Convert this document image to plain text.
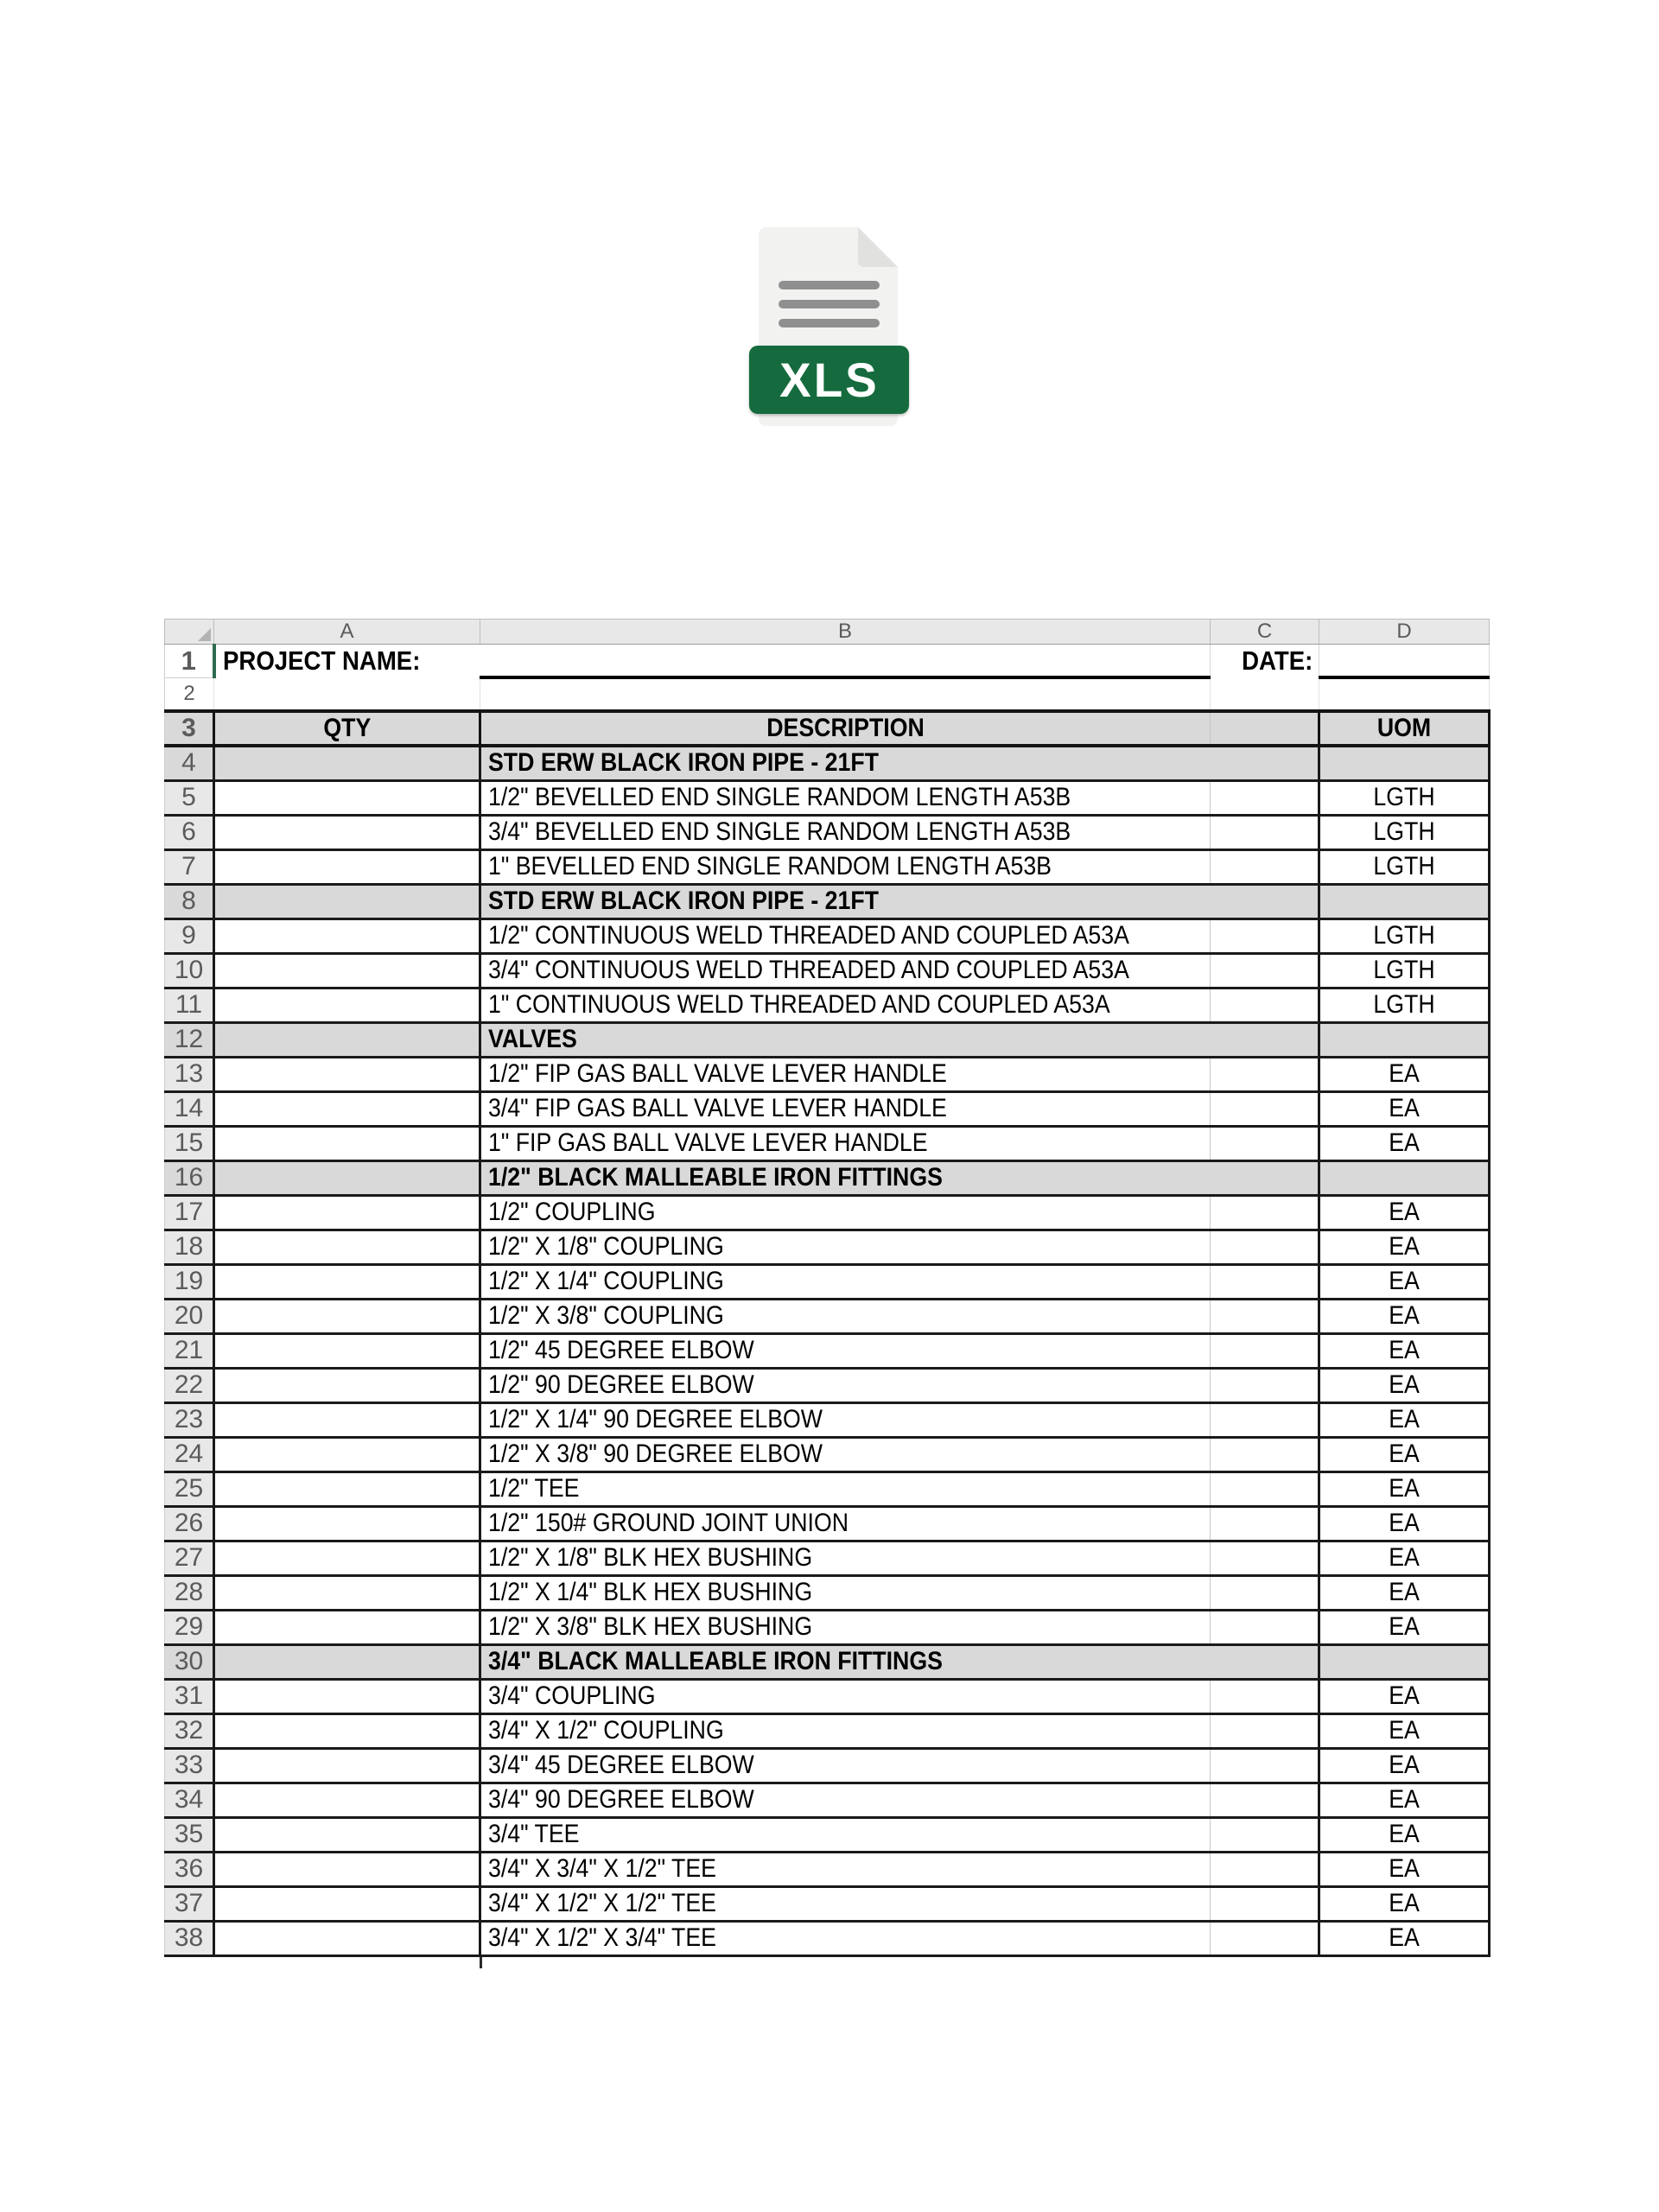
XLS
	A	B	C	D
1	PROJECT NAME:		DATE:	
2				
3	QTY	DESCRIPTION		UOM
4		STD ERW BLACK IRON PIPE - 21FT		
5		1/2" BEVELLED END SINGLE RANDOM LENGTH A53B		LGTH
6		3/4" BEVELLED END SINGLE RANDOM LENGTH A53B		LGTH
7		1" BEVELLED END SINGLE RANDOM LENGTH A53B		LGTH
8		STD ERW BLACK IRON PIPE - 21FT		
9		1/2" CONTINUOUS WELD THREADED AND COUPLED A53A		LGTH
10		3/4" CONTINUOUS WELD THREADED AND COUPLED A53A		LGTH
11		1" CONTINUOUS WELD THREADED AND COUPLED A53A		LGTH
12		VALVES		
13		1/2" FIP GAS BALL VALVE LEVER HANDLE		EA
14		3/4" FIP GAS BALL VALVE LEVER HANDLE		EA
15		1" FIP GAS BALL VALVE LEVER HANDLE		EA
16		1/2" BLACK MALLEABLE IRON FITTINGS		
17		1/2" COUPLING		EA
18		1/2" X 1/8" COUPLING		EA
19		1/2" X 1/4" COUPLING		EA
20		1/2" X 3/8" COUPLING		EA
21		1/2" 45 DEGREE ELBOW		EA
22		1/2" 90 DEGREE ELBOW		EA
23		1/2" X 1/4" 90 DEGREE ELBOW		EA
24		1/2" X 3/8" 90 DEGREE ELBOW		EA
25		1/2" TEE		EA
26		1/2" 150# GROUND JOINT UNION		EA
27		1/2" X 1/8" BLK HEX BUSHING		EA
28		1/2" X 1/4" BLK HEX BUSHING		EA
29		1/2" X 3/8" BLK HEX BUSHING		EA
30		3/4" BLACK MALLEABLE IRON FITTINGS		
31		3/4" COUPLING		EA
32		3/4" X 1/2" COUPLING		EA
33		3/4" 45 DEGREE ELBOW		EA
34		3/4" 90 DEGREE ELBOW		EA
35		3/4" TEE		EA
36		3/4" X 3/4" X 1/2" TEE		EA
37		3/4" X 1/2" X 1/2" TEE		EA
38		3/4" X 1/2" X 3/4" TEE		EA
